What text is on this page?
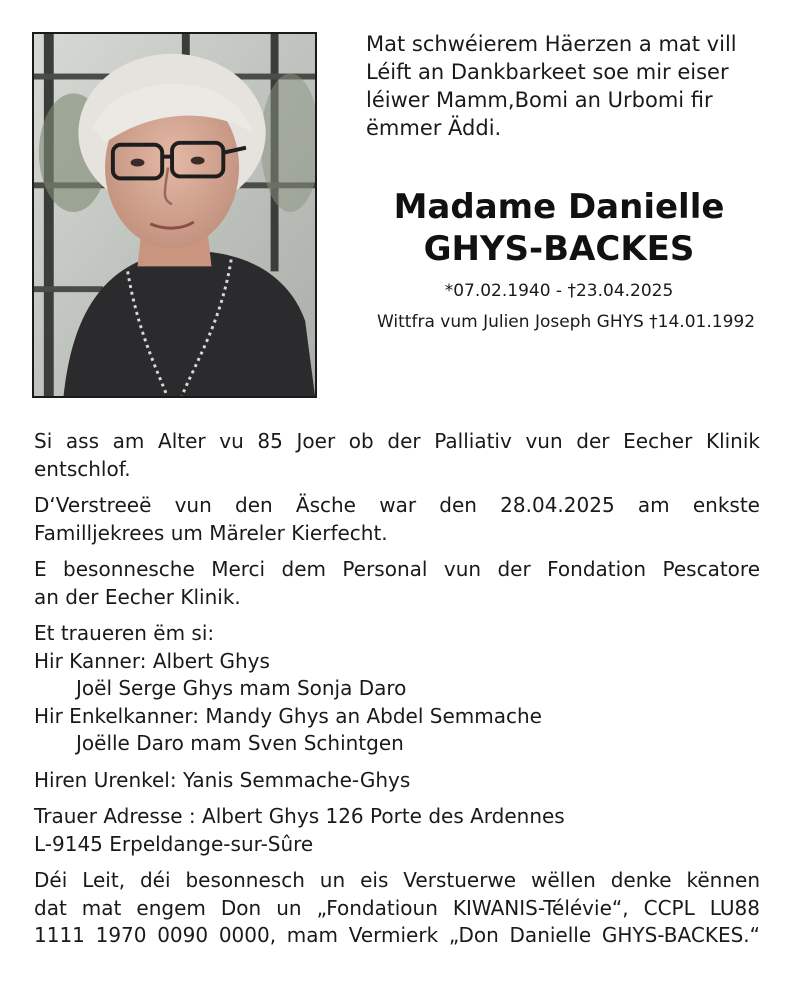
Mat schwéierem Häerzen a mat vill

Léift an Dankbarkeet soe mir eiser

léiwer Mamm,Bomi an Urbomi fir

ëmmer Äddi.

Madame Danielle
GHYS-BACKES
*07.02.1940 - †23.04.2025
Wittfra vum Julien Joseph GHYS †14.01.1992

Si ass am Alter vu 85 Joer ob der Palliativ vun der Eecher Klinik

entschlof.

D‘Verstreeë vun den Äsche war den 28.04.2025 am enkste

Familljekrees um Märeler Kierfecht.

E besonnesche Merci dem Personal vun der Fondation Pescatore

an der Eecher Klinik.

Et traueren ëm si:

Hir Kanner: Albert Ghys

Joël Serge Ghys mam Sonja Daro

Hir Enkelkanner: Mandy Ghys an Abdel Semmache

Joëlle Daro mam Sven Schintgen

Hiren Urenkel: Yanis Semmache-Ghys

Trauer Adresse : Albert Ghys 126 Porte des Ardennes

L-9145 Erpeldange-sur-Sûre

Déi Leit, déi besonnesch un eis Verstuerwe wëllen denke kënnen

dat mat engem Don un „Fondatioun KIWANIS-Télévie“, CCPL LU88

1111 1970 0090 0000, mam Vermierk „Don Danielle GHYS-BACKES.“
